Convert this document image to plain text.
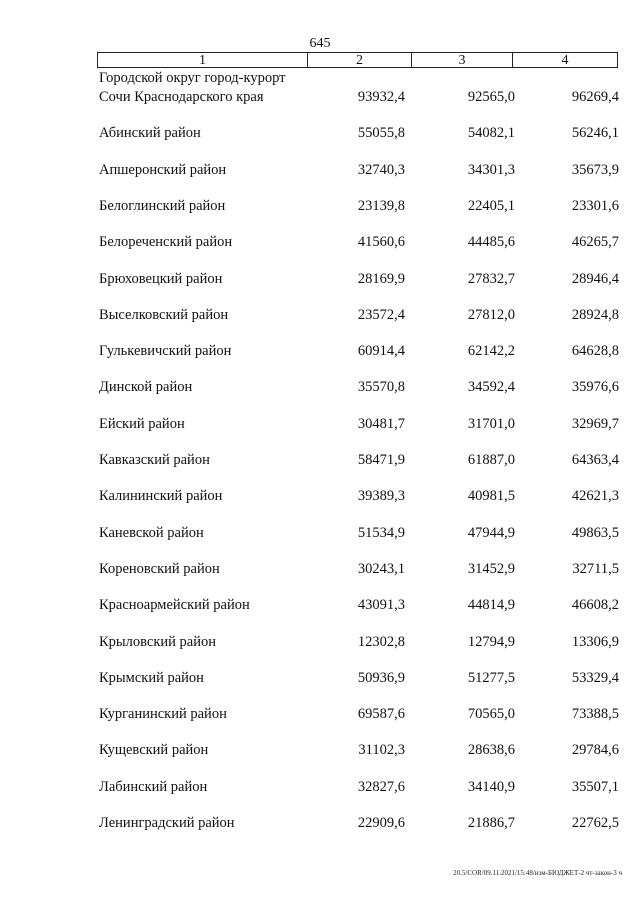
645
1	2	3	4
Городской округ город-курорт
Сочи Краснодарского края	93932,4	92565,0	96269,4
Абинский район	55055,8	54082,1	56246,1
Апшеронский район	32740,3	34301,3	35673,9
Белоглинский район	23139,8	22405,1	23301,6
Белореченский район	41560,6	44485,6	46265,7
Брюховецкий район	28169,9	27832,7	28946,4
Выселковский район	23572,4	27812,0	28924,8
Гулькевичский район	60914,4	62142,2	64628,8
Динской район	35570,8	34592,4	35976,6
Ейский район	30481,7	31701,0	32969,7
Кавказский район	58471,9	61887,0	64363,4
Калининский район	39389,3	40981,5	42621,3
Каневской район	51534,9	47944,9	49863,5
Кореновский район	30243,1	31452,9	32711,5
Красноармейский район	43091,3	44814,9	46608,2
Крыловский район	12302,8	12794,9	13306,9
Крымский район	50936,9	51277,5	53329,4
Курганинский район	69587,6	70565,0	73388,5
Кущевский район	31102,3	28638,6	29784,6
Лабинский район	32827,6	34140,9	35507,1
Ленинградский район	22909,6	21886,7	22762,5
20.5/СОR/09.11.2021/15:48/изм-БЮДЖЕТ-2 чт-закон-3 ч
